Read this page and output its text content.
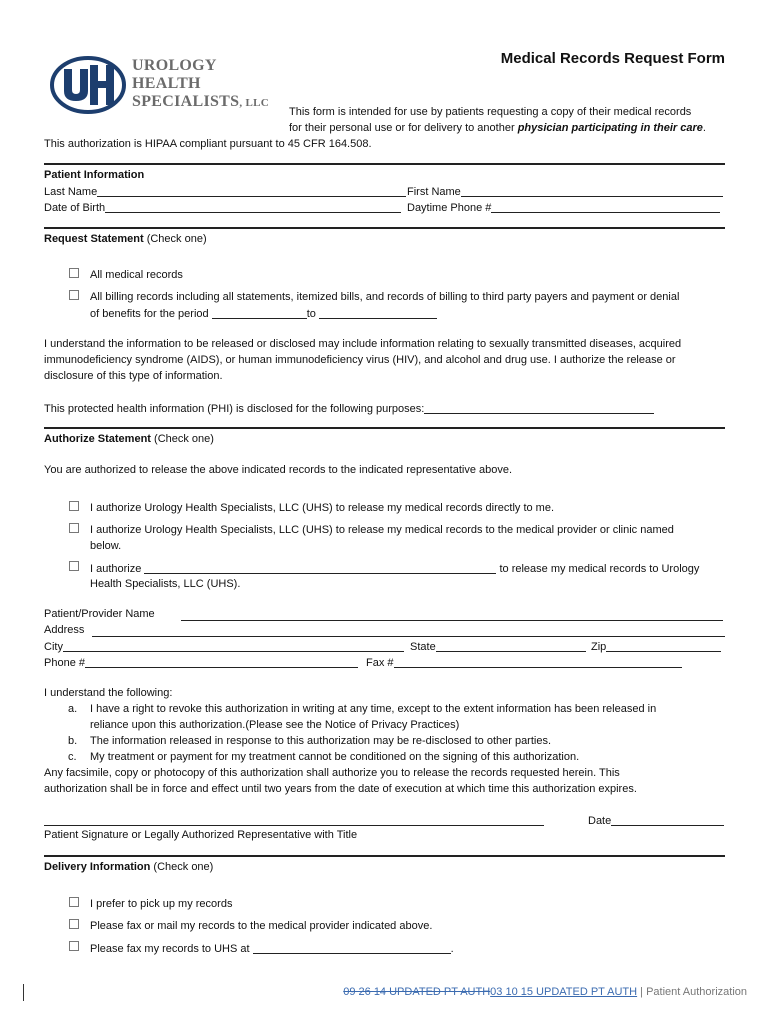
UROLOGY
HEALTH
SPECIALISTS, LLC
Medical Records Request Form
This form is intended for use by patients requesting a copy of their medical records
for their personal use or for delivery to another physician participating in their care.
This authorization is HIPAA compliant pursuant to 45 CFR 164.508.
Patient Information
Last Name	First Name
Date of Birth	Daytime Phone #
Request Statement (Check one)
All medical records
All billing records including all statements, itemized bills, and records of billing to third party payers and payment or denial
of benefits for the period	to
I understand the information to be released or disclosed may include information relating to sexually transmitted diseases, acquired
immunodeficiency syndrome (AIDS), or human immunodeficiency virus (HIV), and alcohol and drug use. I authorize the release or
disclosure of this type of information.
This protected health information (PHI) is disclosed for the following purposes:
Authorize Statement (Check one)
You are authorized to release the above indicated records to the indicated representative above.
I authorize Urology Health Specialists, LLC (UHS) to release my medical records directly to me.
I authorize Urology Health Specialists, LLC (UHS) to release my medical records to the medical provider or clinic named
below.
I authorize	to release my medical records to Urology
Health Specialists, LLC (UHS).
Patient/Provider Name
Address
City	State	Zip
Phone #	Fax #
I understand the following:
a. I have a right to revoke this authorization in writing at any time, except to the extent information has been released in
reliance upon this authorization.(Please see the Notice of Privacy Practices)
b. The information released in response to this authorization may be re-disclosed to other parties.
c. My treatment or payment for my treatment cannot be conditioned on the signing of this authorization.
Any facsimile, copy or photocopy of this authorization shall authorize you to release the records requested herein. This
authorization shall be in force and effect until two years from the date of execution at which time this authorization expires.
Date
Patient Signature or Legally Authorized Representative with Title
Delivery Information (Check one)
I prefer to pick up my records
Please fax or mail my records to the medical provider indicated above.
Please fax my records to UHS at	.
09 26 14 UPDATED PT AUTH03 10 15 UPDATED PT AUTH | Patient Authorization
